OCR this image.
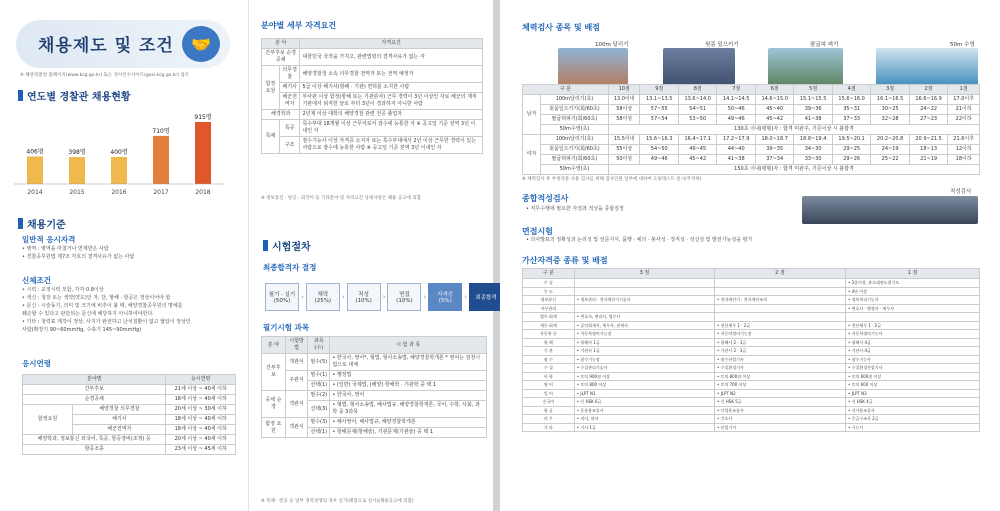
채용제도 및 조건	🤝
※ 해양경찰청 홈페이지(www.kcg.go.kr) 또는 경사인수사이트(gosi.kcg.go.kr) 참조
연도별 경찰관 채용현황
406명
2014
398명
2015
400명
2016
710명
2017
915명
2018
채용기준
일반적 응시자격
• 병역 : 병역을 마쳤거나 면제받은 사람
• 경찰공무원법 제7조 각호의 결격사유가 없는 사람
신체조건
• 시력 : 교정시력 모함, 각각 0.8이상
• 색신 : 청장 또는 색약(약도)인 자, 단, 항해 · 항공은 정상이어야 함
• 문신 : 시술동기, 의미 및 크기에 비추어 볼 때, 해양경찰공무원의 명예를
훼손할 수 있다고 판단되는 문신에 해당하지 아니하여야한다.
• 기타 : 청력표 제작이 정상, 사지가 완전하고 난치질환이 없고 협압이 정상인
사람(확장기 90~60mmHg, 수축기 145~90mmHg)
응시연령
분야별		응시연령
간부후보		21세 이상 ~ 40세 이하
순경공채		18세 이상 ~ 40세 이하
함정요원	해양경찰 의무경찰	20세 이상 ~ 30세 이하
	해기사	18세 이상 ~ 40세 이하
	해군전역자	18세 이상 ~ 40세 이하
해양학과, 정보통신 외국어, 특공, 항공장비(조정) 등		20세 이상 ~ 40세 이하
항공조종		23세 이상 ~ 45세 이하
분야별 세부 자격요건
분 야		자격요건
간부후보 순경공채		대한민국 국적을 가지고, 관련법령의 결격사유가 없는 자
함정요원	의무경찰	해양경찰청 소속 의무경찰 전역자 또는 전역 예정자
	해기사	5급 이상 해기사(항해 · 기관) 면허를 소지한 사람
	해군전역자	부사관 이상 함정(항해 또는 기관분야) 근무 경력이 3년 이상인 자로 해군의 재직기관에서 퇴직한 날로 부터 3년이 경과하지 아니한 사람
해경학과		2년제 이상 대학의 해양경찰 관련 전공 졸업자
특채	특공	특수부대 18개월 이상 근무자로서 잠수에 능통한 자 ※ 공고일 기준 전역 3년 이내인 자
	구조	잠수기능사 이상 자격증 소지자 또는 특수부대에서 2년 이상 근무한 경력이 있는 사람으로 잠수에 능통한 사람 ※ 공고일 기준 전역 3년 이내인 자
※ 정보통신 · 항공 · 외국어 등 기타분야 및 자격요건 상세사항은 채용 공고에 의함
시험절차
최종합격자 결정
필기 · 실기
(50%)	›	체력
(25%)	›	적성
(10%)	›	면접
(10%)	›	자격증
(5%)	›	최종합격
필기시험 과목
분 야	시험방법	과목(수)	시 험 과 목
간부후보	객관식	필수(5)	• 한국사, 영어*, 형법, 형사소송법, 해양경찰학개론 * 영어는 검정시험으로 대체
	주관식	필수(1)	• 행정법
		선택(1)	• (일반) 국제법, (해양) 항해학 · 기관학 중 택 1
공채 순경	객관식	필수(2)	• 한국사, 영어
		선택(3)	• 형법, 형사소송법, 해사법규, 해양경찰학개론, 국어, 수학, 사회, 과학 중 3과목
함정 요원	객관식	필수(3)	• 해사영어, 해사법규, 해양경찰학개론
		선택(1)	• 항해문제(항해술), 기관문제(기관술) 중 택 1
※ 특채 · 항공 등 일부 경력경쟁의 경우 실기(폐험으로 실시)(채용공고에 의함)
체력검사 종목 및 배점
100m 달리기	윗몸 일으키기	팔굽혀 펴기	50m 수영
구 분		10점	9점	8점	7점	6점	5점	4점	3점	2점	1점
남자	100m달리기(초)	13.0이내	13.1~13.5	13.6~14.0	14.1~14.5	14.6~15.0	15.1~15.5	15.6~16.0	16.1~16.5	16.6~16.9	17.0이후
	윗몸일으키기(회/60초)	58이상	57~55	54~51	50~46	45~40	39~36	35~31	30~25	24~22	21이하
	팔굽혀펴기(회/60초)	58이상	57~54	53~50	49~46	45~42	41~38	37~33	32~28	27~23	22이하
	50m수영(초)	130초 이내(평형)자 : 합격 미완주, 기준이상 시 불합격									
여자	100m달리기(초)	15.5이내	15.6~16.3	16.4~17.1	17.2~17.9	18.0~18.7	18.8~19.4	19.5~20.1	20.2~20.8	20.9~21.5	21.6이후
	윗몸일으키기(회/60초)	55이상	54~50	49~45	44~40	39~35	34~30	29~25	24~19	18~13	12이하
	팔굽혀펴기(회/60초)	50이상	49~46	45~42	41~38	37~34	33~30	29~26	25~22	21~19	18이하
	50m수영(초)	150초 이내(평형)자 : 합격 미완주, 기준이상 시 불합격									
※ 체력검사 후 부정약물 사용 검사를 위해 검사인원 일부에 대하여 도핑테스트 실시(무작위)
종합적성검사
• 직무수행에 필요한 자질과 적성을 종합검정
적성검사
면접시험
• 의사발표의 정확성과 논리성 및 전문지식, 품행 · 예의 · 봉사성 · 정직성 · 성실성 및 발전가능성을 평가
가산자격증 종류 및 배점
구 분	3 점	2 점	1 점
무 술			• 3종이상, 유도태권도합기도
무 도			• 4단 이상
정보통신	• 정보관리 · 전자계산기기술사	• 전자계산기 · 전자계산조직	• 정보처리기능사
사무관리			• 변호사 · 행정사 · 세무사
법무·회계	• 변호사, 변리사, 법무사		
세무·회계	• 공인회계사, 세무사, 관세사	• 전산세무 1 · 2급	• 전산세무 1 · 2급
자동차 등	• 자동차정비기능장	• 자동차정비기능장	• 자동차정비기능사
항 해	• 항해사 1급	• 항해사 2 · 3급	• 항해사 4급
기 관	• 기관사 1급	• 기관사 2 · 3급	• 기관사 4급
잠 수	• 잠수기능장	• 잠수산업기사	• 잠수기능사
수 질	• 수질관리기술사	• 수질환경기사	• 수질환경산업기사
어 학	• 토익 900점 이상	• 토익 800점 이상	• 토익 600점 이상
영 어	• 토익 800 이상	• 토익 700 이상	• 토익 600 이상
일 어	• JLPT N1	• JLPT N2	• JLPT N3
중국어	• 신 HSK 6급	• 신 HSK 5급	• 신 HSK 4급
항 공	• 운송용조종사	• 사업용조종사	• 자가용조종사
의 무	• 의사, 약사	• 간호사	• 응급구조사 2급
기 타	• 기사 1급	• 산업기사	• 기능사
